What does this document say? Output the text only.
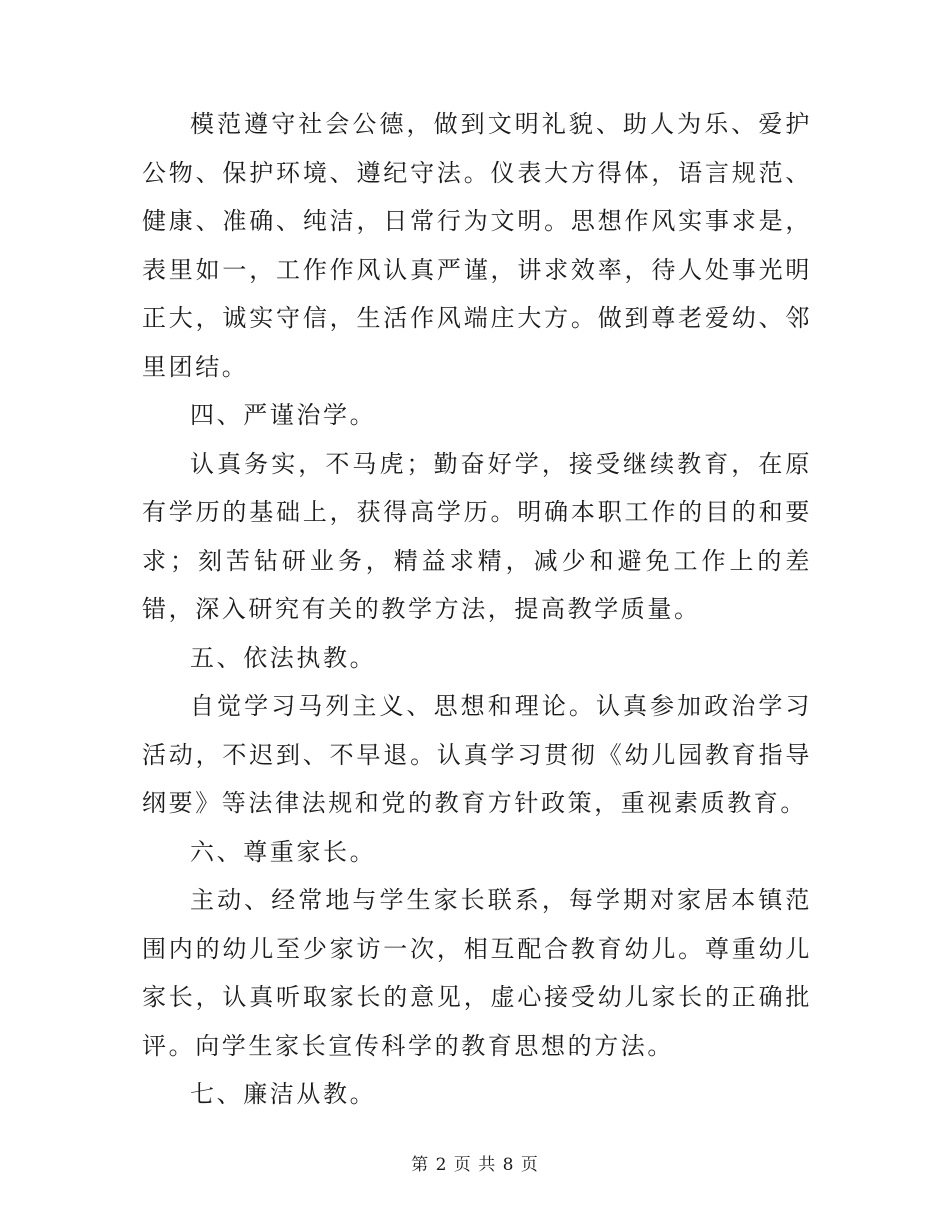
模范遵守社会公德，做到文明礼貌、助人为乐、爱护公物、保护环境、遵纪守法。仪表大方得体，语言规范、健康、准确、纯洁，日常行为文明。思想作风实事求是，表里如一，工作作风认真严谨，讲求效率，待人处事光明正大，诚实守信，生活作风端庄大方。做到尊老爱幼、邻里团结。

四、严谨治学。

认真务实，不马虎；勤奋好学，接受继续教育，在原有学历的基础上，获得高学历。明确本职工作的目的和要求；刻苦钻研业务，精益求精，减少和避免工作上的差错，深入研究有关的教学方法，提高教学质量。

五、依法执教。

自觉学习马列主义、思想和理论。认真参加政治学习活动，不迟到、不早退。认真学习贯彻《幼儿园教育指导纲要》等法律法规和党的教育方针政策，重视素质教育。

六、尊重家长。

主动、经常地与学生家长联系，每学期对家居本镇范围内的幼儿至少家访一次，相互配合教育幼儿。尊重幼儿家长，认真听取家长的意见，虚心接受幼儿家长的正确批评。向学生家长宣传科学的教育思想的方法。

七、廉洁从教。

第 2 页 共 8 页
